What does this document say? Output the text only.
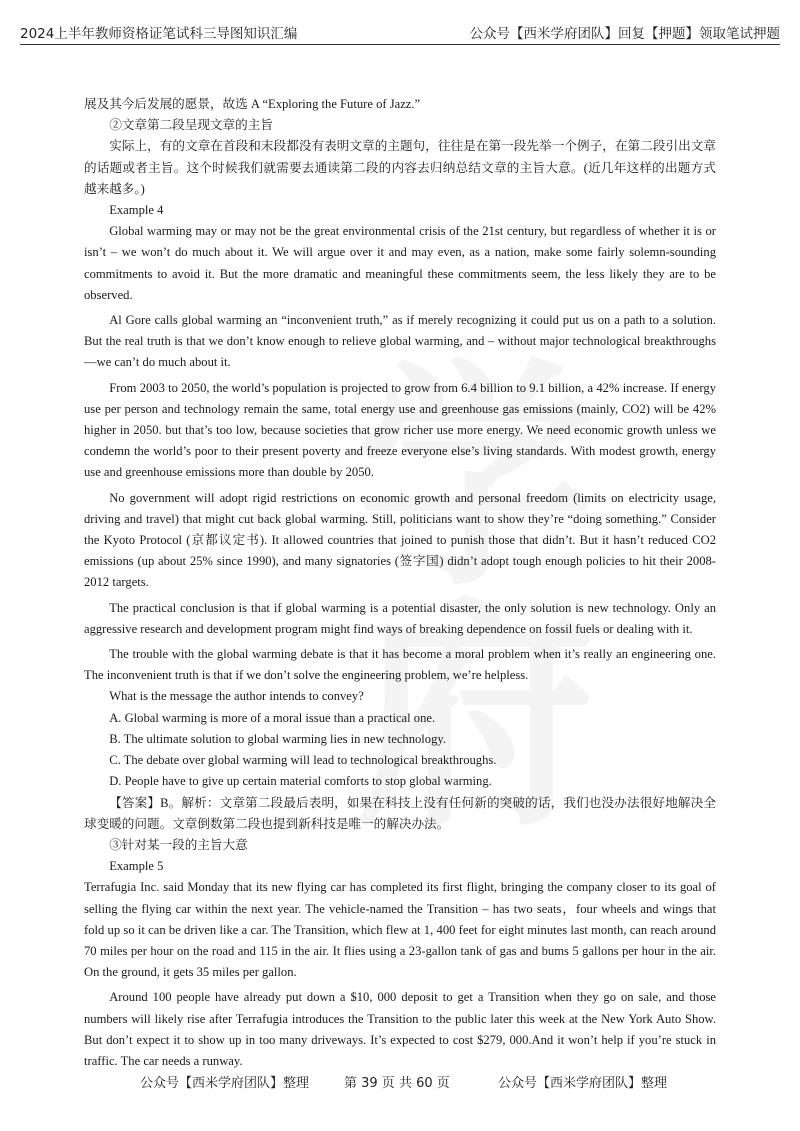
2024上半年教师资格证笔试科三导图知识汇编	公众号【西米学府团队】回复【押题】领取笔试押题

展及其今后发展的愿景，故选 A “Exploring the Future of Jazz.”

②文章第二段呈现文章的主旨

实际上，有的文章在首段和末段都没有表明文章的主题句，往往是在第一段先举一个例子，在第二段引出文章的话题或者主旨。这个时候我们就需要去通读第二段的内容去归纳总结文章的主旨大意。(近几年这样的出题方式越来越多。)

Example 4

Global warming may or may not be the great environmental crisis of the 21st century, but regardless of whether it is or isn’t – we won’t do much about it. We will argue over it and may even, as a nation, make some fairly solemn-sounding commitments to avoid it. But the more dramatic and meaningful these commitments seem, the less likely they are to be observed.

Al Gore calls global warming an “inconvenient truth,” as if merely recognizing it could put us on a path to a solution. But the real truth is that we don’t know enough to relieve global warming, and – without major technological breakthroughs—we can’t do much about it.

From 2003 to 2050, the world’s population is projected to grow from 6.4 billion to 9.1 billion, a 42% increase. If energy use per person and technology remain the same, total energy use and greenhouse gas emissions (mainly, CO2) will be 42% higher in 2050. but that’s too low, because societies that grow richer use more energy. We need economic growth unless we condemn the world’s poor to their present poverty and freeze everyone else’s living standards. With modest growth, energy use and greenhouse emissions more than double by 2050.

No government will adopt rigid restrictions on economic growth and personal freedom (limits on electricity usage, driving and travel) that might cut back global warming. Still, politicians want to show they’re “doing something.” Consider the Kyoto Protocol (京都议定书). It allowed countries that joined to punish those that didn’t. But it hasn’t reduced CO2 emissions (up about 25% since 1990), and many signatories (签字国) didn’t adopt tough enough policies to hit their 2008-2012 targets.

The practical conclusion is that if global warming is a potential disaster, the only solution is new technology. Only an aggressive research and development program might find ways of breaking dependence on fossil fuels or dealing with it.

The trouble with the global warming debate is that it has become a moral problem when it’s really an engineering one. The inconvenient truth is that if we don’t solve the engineering problem, we’re helpless.

What is the message the author intends to convey?

A. Global warming is more of a moral issue than a practical one.

B. The ultimate solution to global warming lies in new technology.

C. The debate over global warming will lead to technological breakthroughs.

D. People have to give up certain material comforts to stop global warming.

【答案】B。解析：文章第二段最后表明，如果在科技上没有任何新的突破的话，我们也没办法很好地解决全球变暖的问题。文章倒数第二段也提到新科技是唯一的解决办法。

③针对某一段的主旨大意

Example 5

Terrafugia Inc. said Monday that its new flying car has completed its first flight, bringing the company closer to its goal of selling the flying car within the next year. The vehicle-named the Transition – has two seats，four wheels and wings that fold up so it can be driven like a car. The Transition, which flew at 1, 400 feet for eight minutes last month, can reach around 70 miles per hour on the road and 115 in the air. It flies using a 23-gallon tank of gas and bums 5 gallons per hour in the air. On the ground, it gets 35 miles per gallon.

Around 100 people have already put down a $10, 000 deposit to get a Transition when they go on sale, and those numbers will likely rise after Terrafugia introduces the Transition to the public later this week at the New York Auto Show. But don’t expect it to show up in too many driveways. It’s expected to cost $279, 000.And it won’t help if you’re stuck in traffic. The car needs a runway.

公众号【西米学府团队】整理	第 39 页 共 60 页	公众号【西米学府团队】整理
